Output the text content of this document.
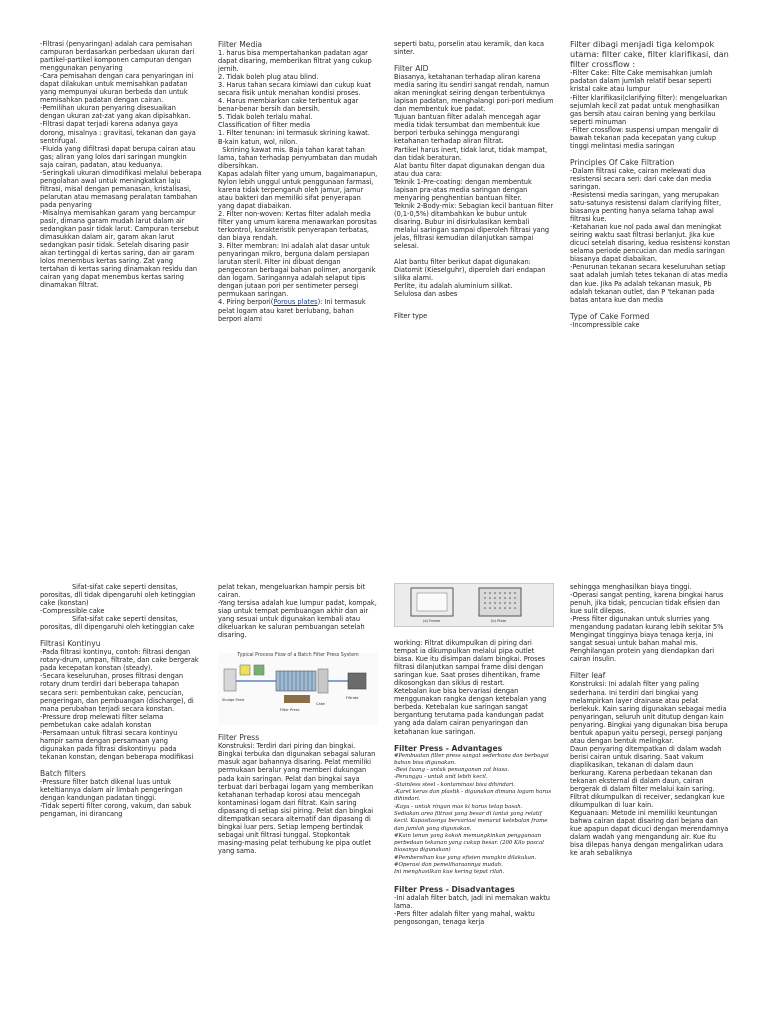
-Filtrasi (penyaringan) adalah cara pemisahan campuran berdasarkan perbedaan ukuran dari partikel-partikel komponen campuran dengan menggunakan penyaring

-Cara pemisahan dengan cara penyaringan ini dapat dilakukan untuk memisahkan padatan yang mempunyai ukuran berbeda dan untuk memisahkan padatan dengan cairan.

-Pemilihan ukuran penyaring disesuaikan dengan ukuran zat-zat yang akan dipisahkan.

-Filtrasi dapat terjadi karena adanya gaya dorong, misalnya : gravitasi, tekanan dan gaya sentrifugal.

-Fluida yang difiltrasi dapat berupa cairan atau gas; aliran yang lolos dari saringan mungkin saja cairan, padatan, atau keduanya.

-Seringkali ukuran dimodifikasi melalui beberapa pengolahan awal untuk meningkatkan laju filtrasi, misal dengan pemanasan, kristalisasi, pelarutan atau memasang peralatan tambahan pada penyaring

-Misalnya memisahkan garam yang bercampur pasir, dimana garam mudah larut dalam air sedangkan pasir tidak larut. Campuran tersebut dimasukkan dalam air, garam akan larut sedangkan pasir tidak. Setelah disaring pasir akan tertinggal di kertas saring, dan air garam lolos menembus kertas saring. Zat yang tertahan di kertas saring dinamakan residu dan cairan yang dapat menembus kertas saring dinamakan filtrat.

Filter Media

1. harus bisa mempertahankan padatan agar dapat disaring, memberikan filtrat yang cukup jernih.

2. Tidak boleh plug atau blind.

3. Harus tahan secara kimiawi dan cukup kuat secara fisik untuk menahan kondisi proses.

4. Harus membiarkan cake terbentuk agar benar-benar bersih dan bersih.

5. Tidak boleh terlalu mahal.

Classification of filter media

1. Filter tenunan: ini termasuk skrining kawat. B-kain katun, wol, nilon.

Skrining kawat mis. Baja tahan karat tahan lama, tahan terhadap penyumbatan dan mudah dibersihkan.

Kapas adalah filter yang umum, bagaimanapun, Nylon lebih unggul untuk penggunaan farmasi, karena tidak terpengaruh oleh jamur, jamur atau bakteri dan memiliki sifat penyerapan yang dapat diabaikan.

2. Filter non-woven: Kertas filter adalah media filter yang umum karena menawarkan porositas terkontrol, karakteristik penyerapan terbatas, dan biaya rendah.

3. Filter membran: Ini adalah alat dasar untuk penyaringan mikro, berguna dalam persiapan larutan steril. Filter ini dibuat dengan pengecoran berbagai bahan polimer, anorganik dan logam. Saringannya adalah selaput tipis dengan jutaan pori per sentimeter persegi permukaan saringan.

4. Piring berpori(Porous plates): Ini termasuk pelat logam atau karet berlubang, bahan berpori alami

seperti batu, porselin atau keramik, dan kaca sinter.

Filter AID

Biasanya, ketahanan terhadap aliran karena media saring itu sendiri sangat rendah, namun akan meningkat seiring dengan terbentuknya lapisan padatan, menghalangi pori-pori medium dan membentuk kue padat.

Tujuan bantuan filter adalah mencegah agar media tidak tersumbat dan membentuk kue berpori terbuka sehingga mengurangi ketahanan terhadap aliran filtrat.

Partikel harus inert, tidak larut, tidak mampat, dan tidak beraturan.

Alat bantu filter dapat digunakan dengan dua atau dua cara:

Teknik 1-Pre-coating: dengan membentuk lapisan pra-atas media saringan dengan menyaring penghentian bantuan filter.

Teknik 2-Body-mix: Sebagian kecil bantuan filter (0,1-0,5%) ditambahkan ke bubur untuk disaring. Bubur ini disirkulasikan kembali melalui saringan sampai diperoleh filtrasi yang jelas, filtrasi kemudian dilanjutkan sampai selesai.

Alat bantu filter berikut dapat digunakan:

Diatomit (Kieselguhr), diperoleh dari endapan silika alami.

Perlite, itu adalah aluminium silikat.

Selulosa dan asbes

Filter type

Filter dibagi menjadi tiga kelompok utama: filter cake, filter klarifikasi, dan filter crossflow :

-Filter Cake: Filte Cake memisahkan jumlah padatan dalam jumlah relatif besar seperti kristal cake atau lumpur

-Filter klarifikasi(clarifying filter): mengeluarkan sejumlah kecil zat padat untuk menghasilkan gas bersih atau cairan bening yang berkilau seperti minuman

-Filter crossflow: suspensi umpan mengalir di bawah tekanan pada kecepatan yang cukup tinggi melintasi media saringan

Principles Of Cake Filtration

-Dalam filtrasi cake, cairan melewati dua resistensi secara seri: dari cake dan media saringan.

-Resistensi media saringan, yang merupakan satu-satunya resistensi dalam clarifying filter, biasanya penting hanya selama tahap awal filtrasi kue.

-Ketahanan kue nol pada awal dan meningkat seiring waktu saat filtrasi berlanjut. Jika kue dicuci setelah disaring, kedua resistensi konstan selama periode pencucian dan media saringan biasanya dapat diabaikan.

-Penurunan tekanan secara keseluruhan setiap saat adalah jumlah tetes tekanan di atas media dan kue. Jika Pa adalah tekanan masuk, Pb adalah tekanan outlet, dan P 'tekanan pada batas antara kue dan media

Type of Cake Formed

-Incompressible cake

Sifat-sifat cake seperti densitas, porositas, dll tidak dipengaruhi oleh ketinggian cake (konstan)

-Compressible cake

Sifat-sifat cake seperti densitas, porositas, dll dipengaruhi oleh ketinggian cake

Filtrasi Kontinyu

-Pada filtrasi kontinyu, contoh: filtrasi dengan rotary-drum, umpan, filtrate, dan cake bergerak pada kecepatan konstan (steady).

-Secara keseluruhan, proses filtrasi dengan rotary drum terdiri dari beberapa tahapan secara seri: pembentukan cake, pencucian, pengeringan, dan pembuangan (discharge), di mana perubahan terjadi secara konstan.

-Pressure drop melewati filter selama pembetukan cake adalah konstan

-Persamaan untuk filtrasi secara kontinyu hampir sama dengan persamaan yang digunakan pada filtrasi diskontinyu  pada tekanan konstan, dengan beberapa modifikasi

Batch filters

-Pressure filter batch dikenal luas untuk keteltiannya dalam air limbah pengeringan dengan kandungan padatan tinggi.

-Tidak seperti filter corong, vakum, dan sabuk pengaman, ini dirancang

pelat tekan, mengeluarkan hampir persis bit cairan.

-Yang tersisa adalah kue lumpur padat, kompak, siap untuk tempat pembuangan akhir dan air yang sesuai untuk digunakan kembali atau dikeluarkan ke saluran pembuangan setelah disaring.

Typical Process Flow of a Batch Filter Press System

Sludge Feed
Filter Press
Filtrate
Cake

Filter Press

Konstruksi: Terdiri dari piring dan bingkai. Bingkai terbuka dan digunakan sebagai saluran masuk agar bahannya disaring. Pelat memiliki permukaan beralur yang memberi dukungan pada kain saringan. Pelat dan bingkai saya terbuat dari berbagai logam yang memberikan ketahanan terhadap korosi atau mencegah kontaminasi logam dari filtrat. Kain saring dipasang di setiap sisi piring. Pelat dan bingkai ditempatkan secara alternatif dan dipasang di bingkai luar pers. Setiap lempeng bertindak sebagai unit filtrasi tunggal. Stopkontak masing-masing pelat terhubung ke pipa outlet yang sama.

(a) Frame	(b) Plate

working: Filtrat dikumpulkan di piring dari tempat ia dikumpulkan melalui pipa outlet biasa. Kue itu disimpan dalam bingkai. Proses filtrasi dilanjutkan sampai frame diisi dengan saringan kue. Saat proses dihentikan, frame dikosongkan dan siklus di restart.

Ketebalan kue bisa bervariasi dengan menggunakan rangka dengan ketebalan yang berbeda. Ketebalan kue saringan sangat bergantung terutama pada kandungan padat yang ada dalam cairan penyaringan dan ketahanan kue saringan.

Filter Press - Advantages

#Pembuatan filter press sangat sederhana dan berbagai bahan bisa digunakan.

-Besi tuang - untuk penanganan zat biasa.

-Perunggu - untuk unit lebih kecil.

-Stainless steel - kontaminasi bisa dihindari.

-Karet keras dan plastik - digunakan dimana logam harus dihindari.

-Kayu - untuk ringan mas ki harus tetap basah.

Sediakan area filtrasi yang besar di lantai yang relatif kecil. Kapasitasnya bervariasi menurut ketebalan frame dan jumlah yang digunakan.

#Kain tenun yang kokoh memungkinkan penggunaan perbedaan tekanan yang cukup besar. (200 Kilo pascal  biasanya digunakan)

#Pembersihan kue yang efisien mungkin dilakukan.

#Operasi dan pemeliharaannya mudah.

Ini menghasilkan kue kering tepat rilah.

Filter Press - Disadvantages

-Ini adalah filter batch, jadi ini memakan waktu lama.

-Pers filter adalah filter yang mahal, waktu pengosongan, tenaga kerja

sehingga menghasilkan biaya tinggi.

-Operasi sangat penting, karena bingkai harus penuh, jika tidak, pencucian tidak efisien dan kue sulit dilepas.

-Press filter digunakan untuk slurries yang mengandung padatan kurang lebih sekitar 5%

Mengingat tingginya biaya tenaga kerja, ini sangat sesuai untuk bahan mahal mis. Penghilangan protein yang diendapkan dari cairan insulin.

Filter leaf

Konstruksi: Ini adalah filter yang paling sederhana. Ini terdiri dari bingkai yang melampirkan layer drainase atau pelat berlekuk. Kain saring digunakan sebagai media penyaringan, seluruh unit ditutup dengan kain penyaring. Bingkai yang digunakan bisa berupa bentuk apapun yaitu persegi, persegi panjang atau dengan bentuk melingkar.

Daun penyaring ditempatkan di dalam wadah berisi cairan untuk disaring. Saat vakum diaplikasikan, tekanan di dalam daun berkurang. Karena perbedaan tekanan dan tekanan eksternal di dalam daun, cairan bergerak di dalam filter melalui kain saring. Filtrat dikumpulkan di receiver, sedangkan kue dikumpulkan di luar kain.

Keguanaan: Metode ini memiliki keuntungan bahwa cairan dapat disaring dari bejana dan kue apapun dapat dicuci dengan merendamnya dalam wadah yang mengandung air. Kue itu bisa dilepas hanya dengan mengalirkan udara ke arah sebaliknya
